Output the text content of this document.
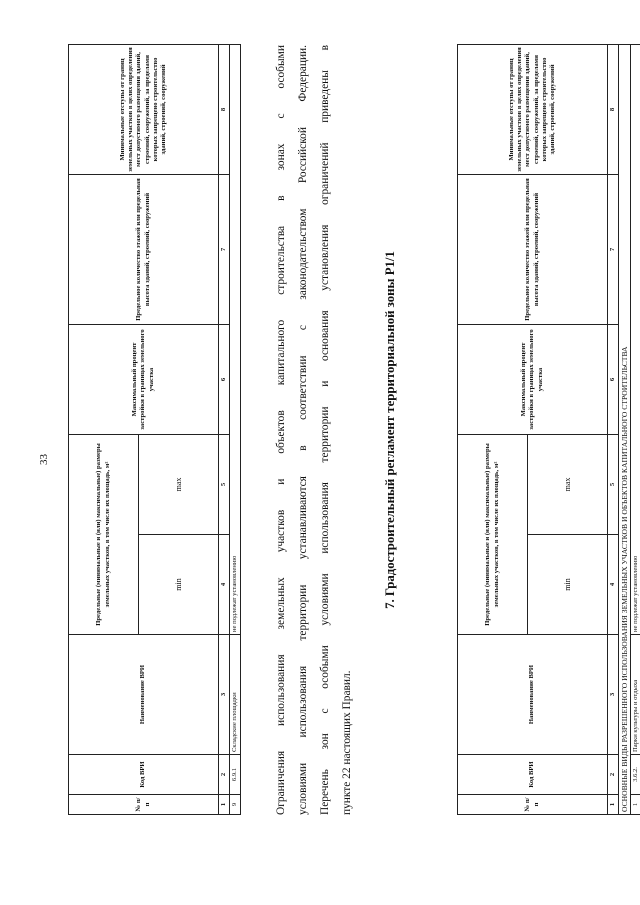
33
№ п/п	Код ВРИ	Наименование ВРИ	Предельные (минимальные и (или) максимальные) размеры земельных участков, в том числе их площадь, м²		Максимальный процент застройки в границах земельного участка	Предельное количество этажей или предельная высота зданий, строений, сооружений	Минимальные отступы от границ земельных участков в целях определения мест допустимого размещения зданий, строений, сооружений, за пределами которых запрещено строительство зданий, строений, сооружений
			min	max			
1	2	3	4	5	6	7	8
9	6.9.1	Складские площадки	не подлежат установлению					Ограничения использования земельных участков и объектов капитального строительства в зонах с особыми условиями использования территории устанавливаются в соответствии с законодательством Российской Федерации. Перечень зон с особыми условиями использования территории и основания установления ограничений приведены в пункте 22 настоящих Правил.
7. Градостроительный регламент территориальной зоны Р1/1
№ п/п	Код ВРИ	Наименование ВРИ	Предельные (минимальные и (или) максимальные) размеры земельных участков, в том числе их площадь, м²		Максимальный процент застройки в границах земельного участка	Предельное количество этажей или предельная высота зданий, строений, сооружений	Минимальные отступы от границ земельных участков в целях определения мест допустимого размещения зданий, строений, сооружений, за пределами которых запрещено строительство зданий, строений, сооружений
			min	max			
1	2	3	4	5	6	7	8
ОСНОВНЫЕ ВИДЫ РАЗРЕШЕННОГО ИСПОЛЬЗОВАНИЯ ЗЕМЕЛЬНЫХ УЧАСТКОВ И ОБЪЕКТОВ КАПИТАЛЬНОГО СТРОИТЕЛЬСТВА							
1	3.6.2.	Парки культуры и отдыха	не подлежат установлению				
